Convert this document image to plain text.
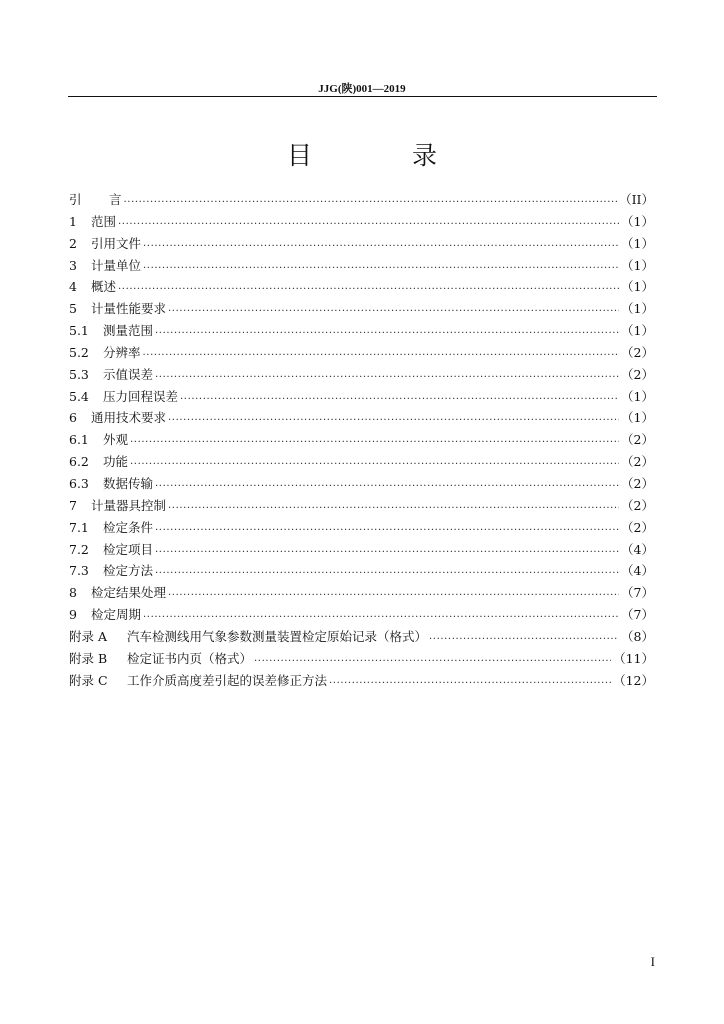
JJG(陕)001—2019
目 录
引	言 .....	（II）
1	范围 .....	（1）
2	引用文件 .....	（1）
3	计量单位 .....	（1）
4	概述 .....	（1）
5	计量性能要求 .....	（1）
5.1	测量范围 .....	（1）
5.2	分辨率 .....	（2）
5.3	示值误差 .....	（2）
5.4	压力回程误差 .....	（1）
6	通用技术要求 .....	（1）
6.1	外观 .....	（2）
6.2	功能 .....	（2）
6.3	数据传输 .....	（2）
7	计量器具控制 .....	（2）
7.1	检定条件 .....	（2）
7.2	检定项目 .....	（4）
7.3	检定方法 .....	（4）
8	检定结果处理 .....	（7）
9	检定周期 .....	（7）
附录 A	汽车检测线用气象参数测量装置检定原始记录（格式） .....	（8）
附录 B	检定证书内页（格式） .....	（11）
附录 C	工作介质高度差引起的误差修正方法 .....	（12）
I
